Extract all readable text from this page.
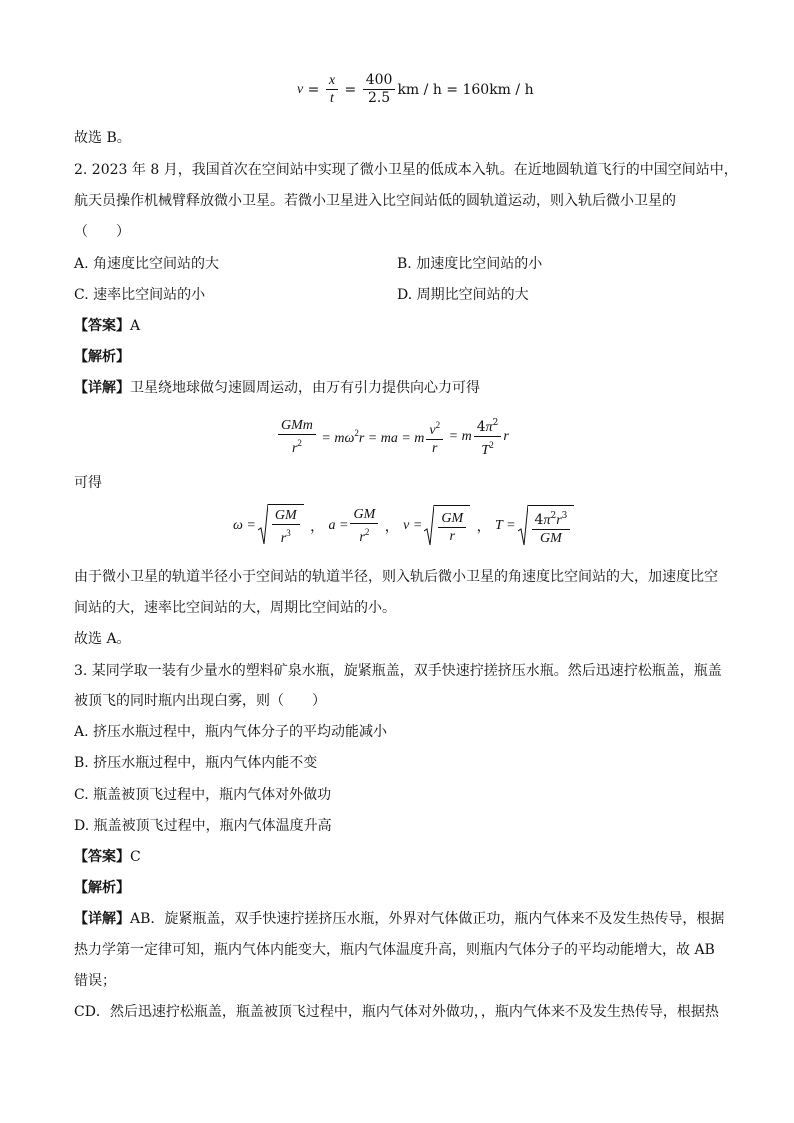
$v = \frac{x}{t} = \frac{400}{2.5}$ km / h = 160km / h
故选 B。
2. 2023 年 8 月，我国首次在空间站中实现了微小卫星的低成本入轨。在近地圆轨道飞行的中国空间站中，
航天员操作机械臂释放微小卫星。若微小卫星进入比空间站低的圆轨道运动，则入轨后微小卫星的
（　　）
A. 角速度比空间站的大	B. 加速度比空间站的小
C. 速率比空间站的小	D. 周期比空间站的大
【答案】A
【解析】
【详解】卫星绕地球做匀速圆周运动，由万有引力提供向心力可得
$\frac{\text{GMm}}{r^2} = m\omega^2r$ = ma = m $\frac{v^2}{r} = m \frac{4\pi^2}{T^2}$ r
可得
$\omega = \frac{GM}{r^3}$ ， $a = \frac{GM}{r^2}$ ， $v = \frac{GM}{r}$ ， $T = \frac{4\pi^2r^3}{GM}$
由于微小卫星的轨道半径小于空间站的轨道半径，则入轨后微小卫星的角速度比空间站的大，加速度比空
间站的大，速率比空间站的大，周期比空间站的小。
故选 A。
3. 某同学取一装有少量水的塑料矿泉水瓶，旋紧瓶盖，双手快速拧搓挤压水瓶。然后迅速拧松瓶盖，瓶盖
被顶飞的同时瓶内出现白雾，则（　　）
A. 挤压水瓶过程中，瓶内气体分子的平均动能减小
B. 挤压水瓶过程中，瓶内气体内能不变
C. 瓶盖被顶飞过程中，瓶内气体对外做功
D. 瓶盖被顶飞过程中，瓶内气体温度升高
【答案】C
【解析】
【详解】AB．旋紧瓶盖，双手快速拧搓挤压水瓶，外界对气体做正功，瓶内气体来不及发生热传导，根据
热力学第一定律可知，瓶内气体内能变大，瓶内气体温度升高，则瓶内气体分子的平均动能增大，故 AB
错误；
CD．然后迅速拧松瓶盖，瓶盖被顶飞过程中，瓶内气体对外做功，，瓶内气体来不及发生热传导，根据热
